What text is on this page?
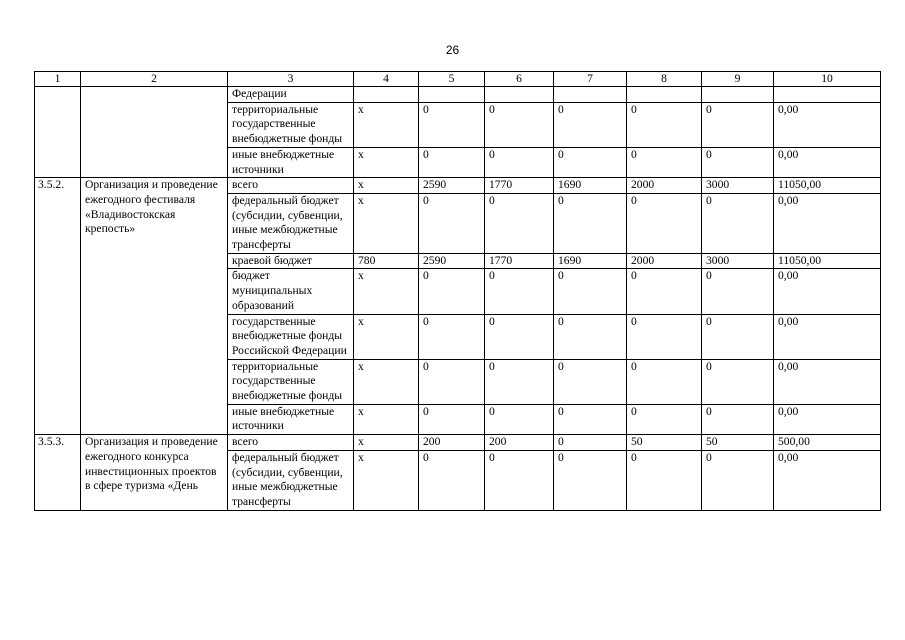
26
1	2	3	4	5	6	7	8	9	10
		Федерации							
		территориальные государственные внебюджетные фонды	x	0	0	0	0	0	0,00
		иные внебюджетные источники	x	0	0	0	0	0	0,00
3.5.2.	Организация и проведение ежегодного фестиваля «Владивостокская крепость»	всего	x	2590	1770	1690	2000	3000	11050,00
		федеральный бюджет (субсидии, субвенции, иные межбюджетные трансферты	x	0	0	0	0	0	0,00
		краевой бюджет	780	2590	1770	1690	2000	3000	11050,00
		бюджет муниципальных образований	x	0	0	0	0	0	0,00
		государственные внебюджетные фонды Российской Федерации	x	0	0	0	0	0	0,00
		территориальные государственные внебюджетные фонды	x	0	0	0	0	0	0,00
		иные внебюджетные источники	x	0	0	0	0	0	0,00
3.5.3.	Организация и проведение ежегодного конкурса инвестиционных проектов в сфере туризма «День	всего	x	200	200	0	50	50	500,00
		федеральный бюджет (субсидии, субвенции, иные межбюджетные трансферты	x	0	0	0	0	0	0,00
